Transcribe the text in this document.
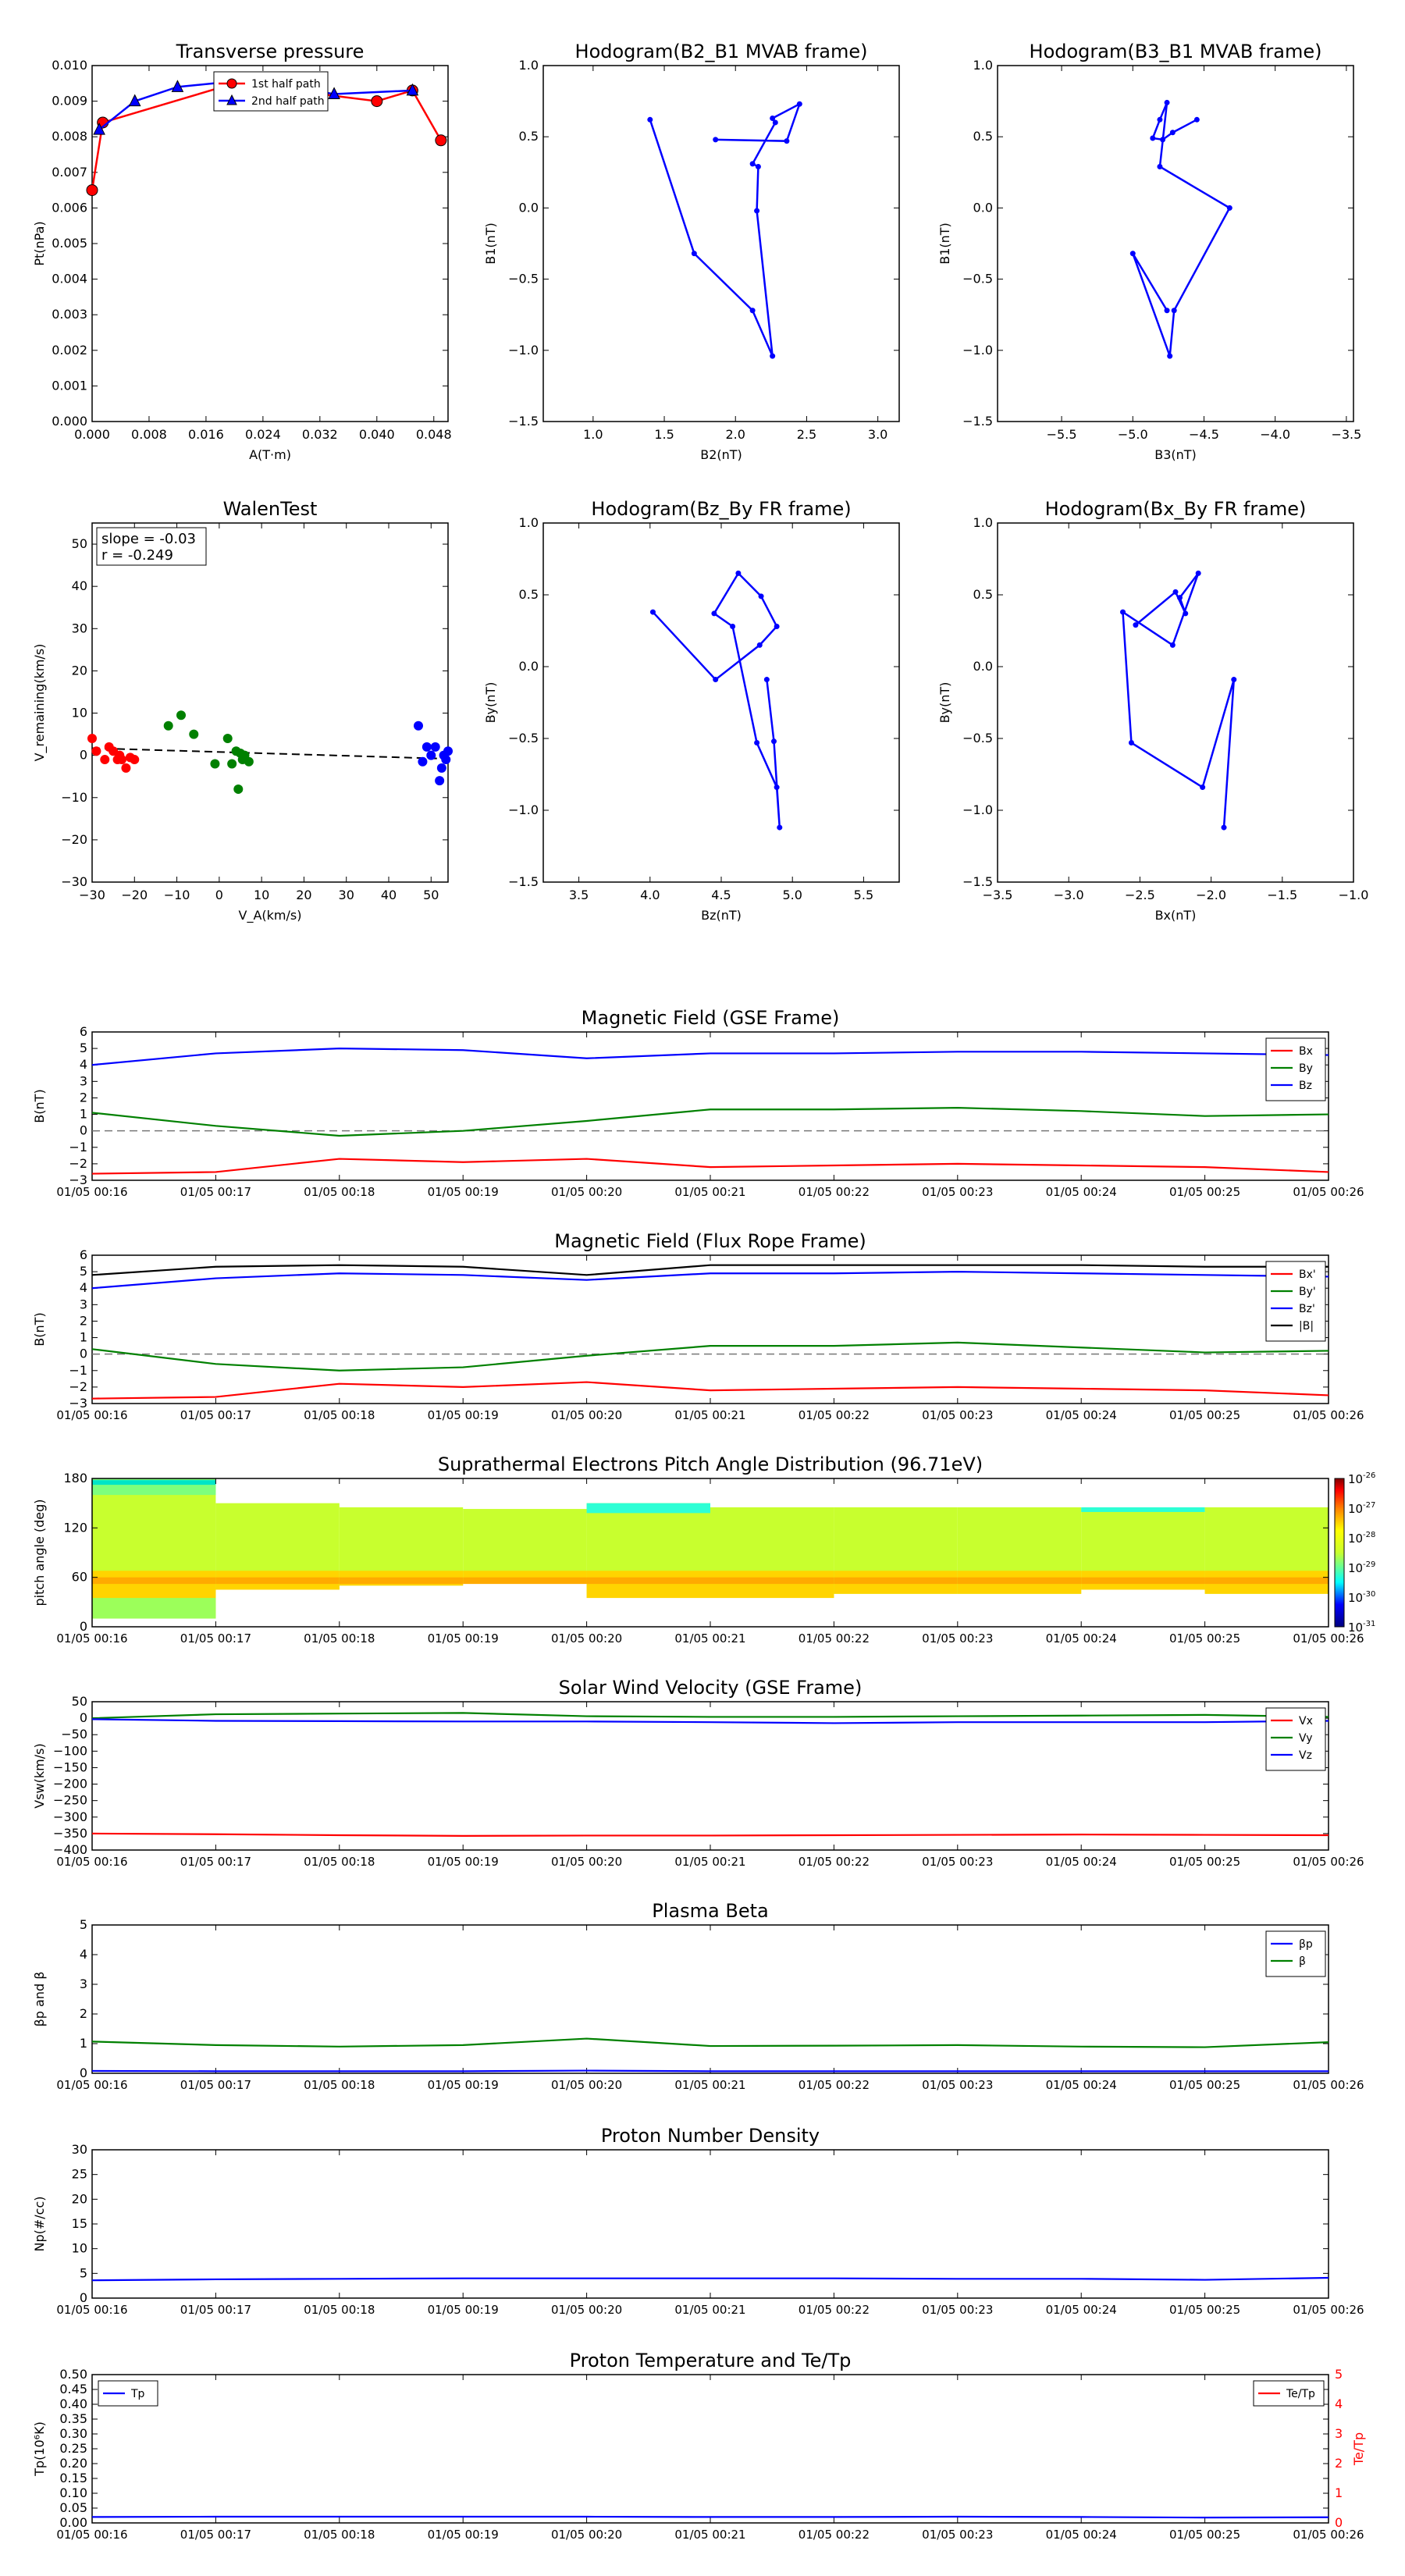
Transverse pressure
0.000 0.008 0.016 0.024 0.032 0.040 0.048
0.000
0.001
0.002
0.003
0.004
0.005
0.006
0.007
0.008
0.009
0.010
Pt(nPa)
A(T·m)
1st half path
2nd half path
Hodogram(B2_B1 MVAB frame)
1.0	1.5	2.0	2.5	3.0
−1.5
−1.0
−0.5
0.0
0.5
1.0
B1(nT)
B2(nT)
Hodogram(B3_B1 MVAB frame)
−5.5	−5.0	−4.5	−4.0	−3.5
−1.5
−1.0
−0.5
0.0
0.5
1.0
B1(nT)
B3(nT)
WalenTest
−30 −20 −10 0 10 20 30 40 50
−30
−20
−10
0
10
20
30
40
50
V_remaining(km/s)
V_A(km/s)
slope = -0.03
r = -0.249
Hodogram(Bz_By FR frame)
3.5	4.0	4.5	5.0	5.5
−1.5
−1.0
−0.5
0.0
0.5
1.0
By(nT)
Bz(nT)
Hodogram(Bx_By FR frame)
−3.5	−3.0	−2.5	−2.0	−1.5	−1.0
−1.5
−1.0
−0.5
0.0
0.5
1.0
By(nT)
Bx(nT)
Magnetic Field (GSE Frame)
−3
−2
−1
0
1
2
3
4
5
6
B(nT)
01/05 00:16	01/05 00:17	01/05 00:18	01/05 00:19	01/05 00:20	01/05 00:21	01/05 00:22	01/05 00:23	01/05 00:24	01/05 00:25	01/05 00:26
Bx
By
Bz
Magnetic Field (Flux Rope Frame)
−3
−2
−1
0
1
2
3
4
5
6
B(nT)
01/05 00:16	01/05 00:17	01/05 00:18	01/05 00:19	01/05 00:20	01/05 00:21	01/05 00:22	01/05 00:23	01/05 00:24	01/05 00:25	01/05 00:26
Bx'
By'
Bz'
|B|
Solar Wind Velocity (GSE Frame)
−400
−350
−300
−250
−200
−150
−100
−50
0
50
Vsw(km/s)
01/05 00:16	01/05 00:17	01/05 00:18	01/05 00:19	01/05 00:20	01/05 00:21	01/05 00:22	01/05 00:23	01/05 00:24	01/05 00:25	01/05 00:26
Vx
Vy
Vz
Plasma Beta
0
1
2
3
4
5
βp and β
01/05 00:16	01/05 00:17	01/05 00:18	01/05 00:19	01/05 00:20	01/05 00:21	01/05 00:22	01/05 00:23	01/05 00:24	01/05 00:25	01/05 00:26
βp
β
Proton Number Density
0
5
10
15
20
25
30
Np(#/cc)
01/05 00:16	01/05 00:17	01/05 00:18	01/05 00:19	01/05 00:20	01/05 00:21	01/05 00:22	01/05 00:23	01/05 00:24	01/05 00:25	01/05 00:26
Proton Temperature and Te/Tp
0.00
0.05
0.10
0.15
0.20
0.25
0.30
0.35
0.40
0.45
0.50
Tp(10⁶K)
01/05 00:16	01/05 00:17	01/05 00:18	01/05 00:19	01/05 00:20	01/05 00:21	01/05 00:22	01/05 00:23	01/05 00:24	01/05 00:25	01/05 00:26
0
1
2
3
4
5
Te/Tp
Tp	Te/Tp
Suprathermal Electrons Pitch Angle Distribution (96.71eV)
0
60
120
180
pitch angle (deg)
01/05 00:16	01/05 00:17	01/05 00:18	01/05 00:19	01/05 00:20	01/05 00:21	01/05 00:22	01/05 00:23	01/05 00:24	01/05 00:25	01/05 00:26
10 -26
10 -27
10 -28
10 -29
10 -30
10 -31
